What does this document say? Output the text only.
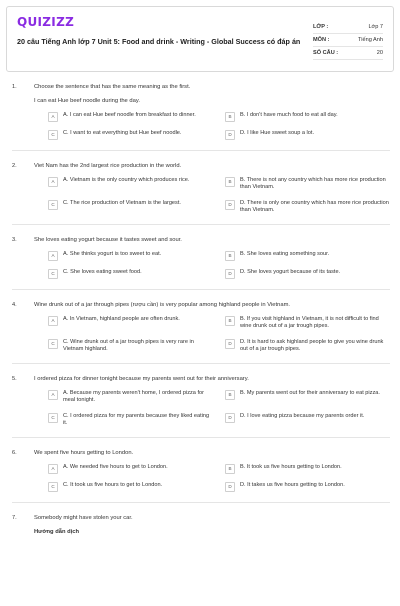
QUIZIZZ
20 câu Tiếng Anh lớp 7 Unit 5: Food and drink - Writing - Global Success có đáp án
LỚP :	Lớp 7
MÔN :	Tiếng Anh
SỐ CÂU :	20
1.	Choose the sentence that has the same meaning as the first.
I can eat Hue beef noodle during the day.
A	A. I can eat Hue beef noodle from breakfast to dinner.	B	B. I don't have much food to eat all day.
C	C. I want to eat everything but Hue beef noodle.	D	D. I like Hue sweet soup a lot.
2.	Viet Nam has the 2nd largest rice production in the world.
A	A. Vietnam is the only country which produces rice.	B	B. There is not any country which has more rice production than Vietnam.
C	C. The rice production of Vietnam is the largest.	D	D. There is only one country which has more rice production than Vietnam.
3.	She loves eating yogurt because it tastes sweet and sour.
A	A. She thinks yogurt is too sweet to eat.	B	B. She loves eating something sour.
C	C. She loves eating sweet food.	D	D. She loves yogurt because of its taste.
4.	Wine drunk out of a jar through pipes (rượu cần) is very popular among highland people in Vietnam.
A	A. In Vietnam, highland people are often drunk.	B	B. If you visit highland in Vietnam, it is not difficult to find wine drunk out of a jar trough pipes.
C	C. Wine drunk out of a jar trough pipes is very rare in Vietnam highland.
D	D. It is hard to ask highland people to give you wine drunk out of a jar trough pipes.
5.	I ordered pizza for dinner tonight because my parents went out for their anniversary.
A	A. Because my parents weren't home, I ordered pizza for meal tonight.
B	B. My parents went out for their anniversary to eat pizza.
C	C. I ordered pizza for my parents because they liked eating it.
D	D. I love eating pizza because my parents order it.
6.	We spent five hours getting to London.
A	A. We needed five hours to get to London.	B	B. It took us five hours getting to London.
C	C. It took us five hours to get to London.	D	D. It takes us five hours getting to London.
7.	Somebody might have stolen your car.
Hướng dẫn dịch
